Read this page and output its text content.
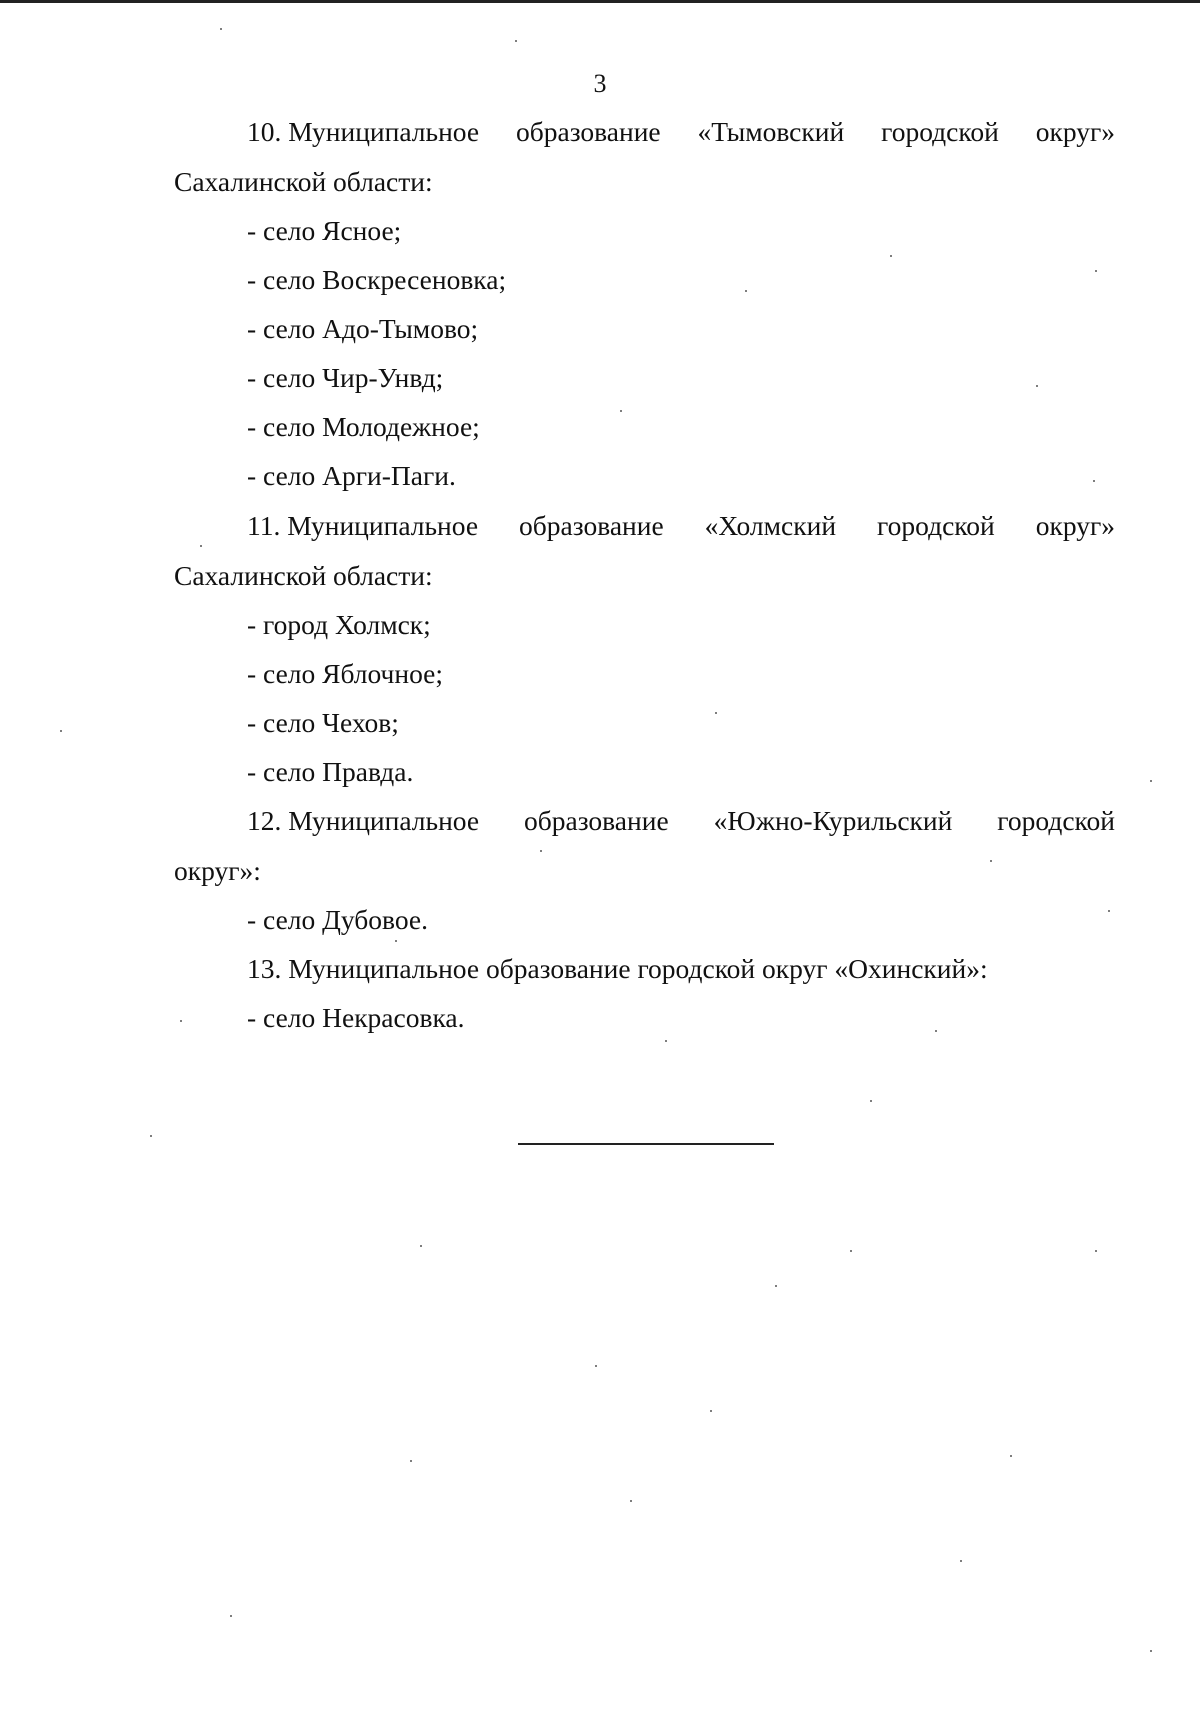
3
10. Муниципальное образование «Тымовский городской округ»
Сахалинской области:
- село Ясное;
- село Воскресеновка;
- село Адо-Тымово;
- село Чир-Унвд;
- село Молодежное;
- село Арги-Паги.
11. Муниципальное образование «Холмский городской округ»
Сахалинской области:
- город Холмск;
- село Яблочное;
- село Чехов;
- село Правда.
12. Муниципальное образование «Южно-Курильский городской
округ»:
- село Дубовое.
13. Муниципальное образование городской округ «Охинский»:
- село Некрасовка.
